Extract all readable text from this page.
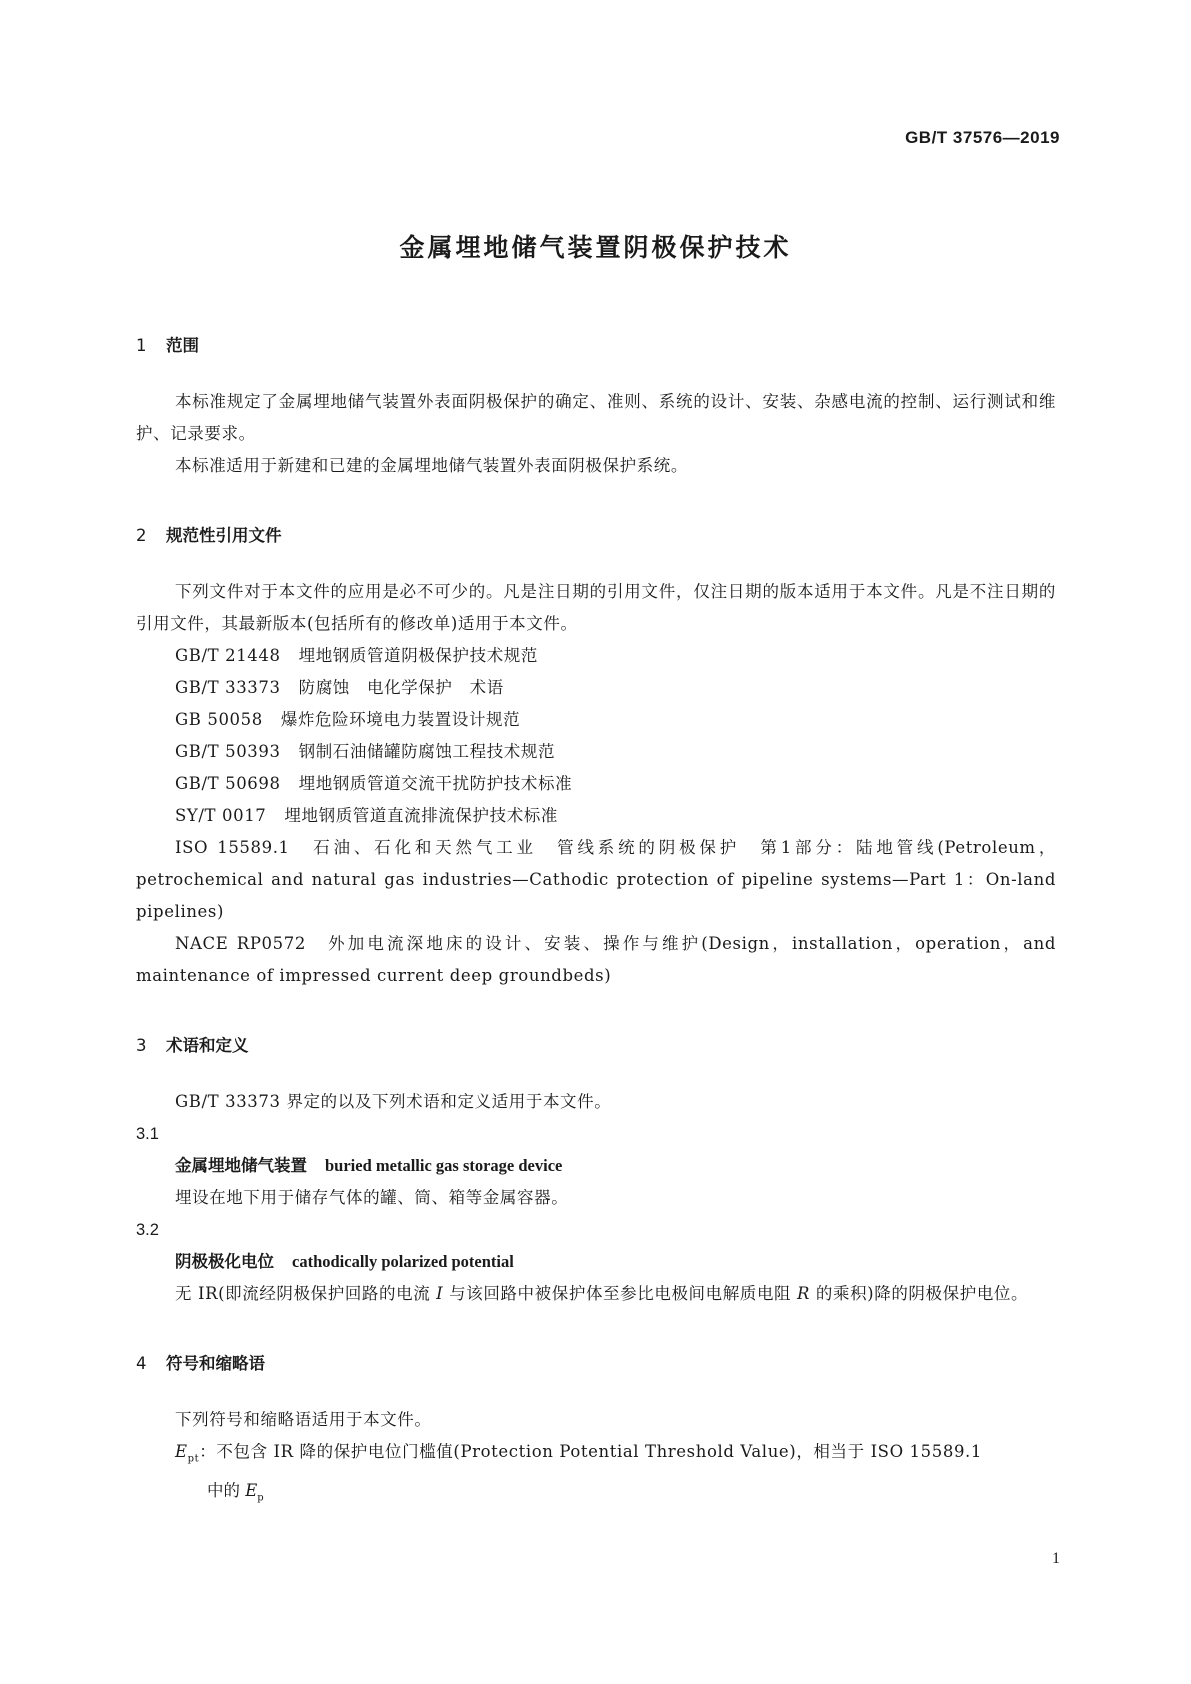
GB/T 37576—2019
金属埋地储气装置阴极保护技术
1 范围

本标准规定了金属埋地储气装置外表面阴极保护的确定、准则、系统的设计、安装、杂感电流的控制、运行测试和维护、记录要求。

本标准适用于新建和已建的金属埋地储气装置外表面阴极保护系统。

2 规范性引用文件

下列文件对于本文件的应用是必不可少的。凡是注日期的引用文件，仅注日期的版本适用于本文件。凡是不注日期的引用文件，其最新版本(包括所有的修改单)适用于本文件。

GB/T 21448 埋地钢质管道阴极保护技术规范

GB/T 33373 防腐蚀　电化学保护　术语

GB 50058 爆炸危险环境电力装置设计规范

GB/T 50393 钢制石油储罐防腐蚀工程技术规范

GB/T 50698 埋地钢质管道交流干扰防护技术标准

SY/T 0017 埋地钢质管道直流排流保护技术标准

ISO 15589.1　石油、石化和天然气工业　管线系统的阴极保护　第1部分：陆地管线(Petroleum，petrochemical and natural gas industries—Cathodic protection of pipeline systems—Part 1：On-land pipelines)

NACE RP0572　外加电流深地床的设计、安装、操作与维护(Design，installation，operation，and maintenance of impressed current deep groundbeds)

3 术语和定义

GB/T 33373 界定的以及下列术语和定义适用于本文件。

3.1
金属埋地储气装置 buried metallic gas storage device

埋设在地下用于储存气体的罐、筒、箱等金属容器。

3.2
阴极极化电位 cathodically polarized potential

无 IR(即流经阴极保护回路的电流 I 与该回路中被保护体至参比电极间电解质电阻 R 的乘积)降的阴极保护电位。

4 符号和缩略语

下列符号和缩略语适用于本文件。

$E_{pt}$：不包含 IR 降的保护电位门槛值(Protection Potential Threshold Value)，相当于 ISO 15589.1

中的 $E_p$

1
